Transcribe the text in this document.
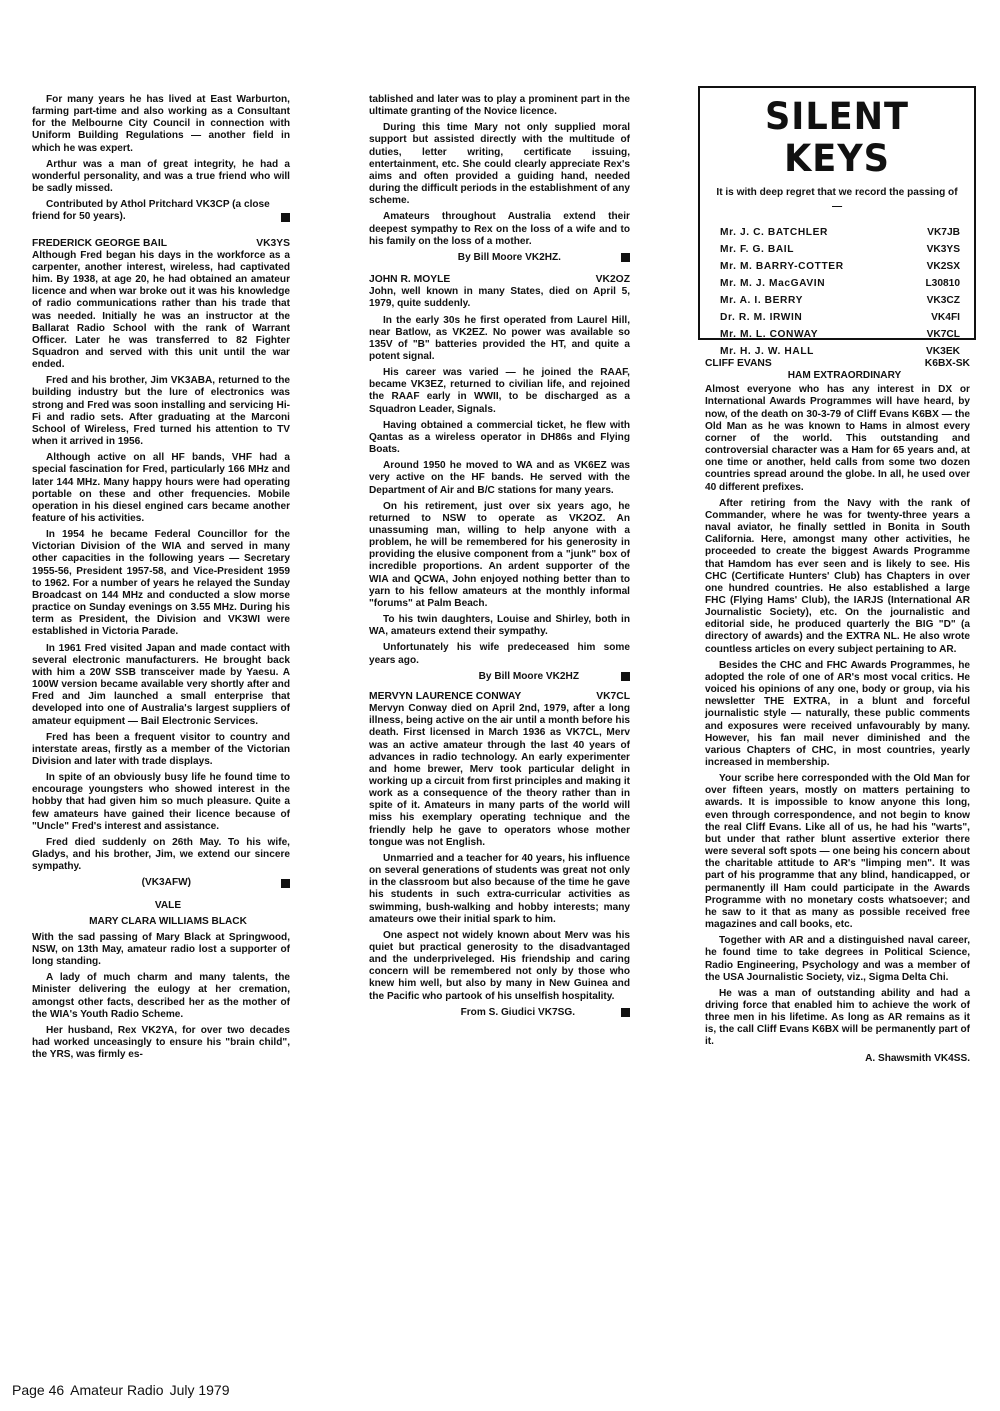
For many years he has lived at East Warburton, farming part-time and also working as a Consultant for the Melbourne City Council in connection with Uniform Building Regulations — another field in which he was expert.

Arthur was a man of great integrity, he had a wonderful personality, and was a true friend who will be sadly missed.

Contributed by Athol Pritchard VK3CP (a close friend for 50 years).

FREDERICK GEORGE BAIL	VK3YS

Although Fred began his days in the workforce as a carpenter, another interest, wireless, had captivated him. By 1938, at age 20, he had obtained an amateur licence and when war broke out it was his knowledge of radio communications rather than his trade that was needed. Initially he was an instructor at the Ballarat Radio School with the rank of Warrant Officer. Later he was transferred to 82 Fighter Squadron and served with this unit until the war ended.

Fred and his brother, Jim VK3ABA, returned to the building industry but the lure of electronics was strong and Fred was soon installing and servicing Hi-Fi and radio sets. After graduating at the Marconi School of Wireless, Fred turned his attention to TV when it arrived in 1956.

Although active on all HF bands, VHF had a special fascination for Fred, particularly 166 MHz and later 144 MHz. Many happy hours were had operating portable on these and other frequencies. Mobile operation in his diesel engined cars became another feature of his activities.

In 1954 he became Federal Councillor for the Victorian Division of the WIA and served in many other capacities in the following years — Secretary 1955-56, President 1957-58, and Vice-President 1959 to 1962. For a number of years he relayed the Sunday Broadcast on 144 MHz and conducted a slow morse practice on Sunday evenings on 3.55 MHz. During his term as President, the Division and VK3WI were established in Victoria Parade.

In 1961 Fred visited Japan and made contact with several electronic manufacturers. He brought back with him a 20W SSB transceiver made by Yaesu. A 100W version became available very shortly after and Fred and Jim launched a small enterprise that developed into one of Australia's largest suppliers of amateur equipment — Bail Electronic Services.

Fred has been a frequent visitor to country and interstate areas, firstly as a member of the Victorian Division and later with trade displays.

In spite of an obviously busy life he found time to encourage youngsters who showed interest in the hobby that had given him so much pleasure. Quite a few amateurs have gained their licence because of "Uncle" Fred's interest and assistance.

Fred died suddenly on 26th May. To his wife, Gladys, and his brother, Jim, we extend our sincere sympathy.

(VK3AFW)

VALE

MARY CLARA WILLIAMS BLACK

With the sad passing of Mary Black at Springwood, NSW, on 13th May, amateur radio lost a supporter of long standing.

A lady of much charm and many talents, the Minister delivering the eulogy at her cremation, amongst other facts, described her as the mother of the WIA's Youth Radio Scheme.

Her husband, Rex VK2YA, for over two decades had worked unceasingly to ensure his "brain child", the YRS, was firmly es-

tablished and later was to play a prominent part in the ultimate granting of the Novice licence.

During this time Mary not only supplied moral support but assisted directly with the multitude of duties, letter writing, certificate issuing, entertainment, etc. She could clearly appreciate Rex's aims and often provided a guiding hand, needed during the difficult periods in the establishment of any scheme.

Amateurs throughout Australia extend their deepest sympathy to Rex on the loss of a wife and to his family on the loss of a mother.

By Bill Moore VK2HZ.
JOHN R. MOYLE	VK2OZ

John, well known in many States, died on April 5, 1979, quite suddenly.

In the early 30s he first operated from Laurel Hill, near Batlow, as VK2EZ. No power was available so 135V of "B" batteries provided the HT, and quite a potent signal.

His career was varied — he joined the RAAF, became VK3EZ, returned to civilian life, and rejoined the RAAF early in WWII, to be discharged as a Squadron Leader, Signals.

Having obtained a commercial ticket, he flew with Qantas as a wireless operator in DH86s and Flying Boats.

Around 1950 he moved to WA and as VK6EZ was very active on the HF bands. He served with the Department of Air and B/C stations for many years.

On his retirement, just over six years ago, he returned to NSW to operate as VK2OZ. An unassuming man, willing to help anyone with a problem, he will be remembered for his generosity in providing the elusive component from a "junk" box of incredible proportions. An ardent supporter of the WIA and QCWA, John enjoyed nothing better than to yarn to his fellow amateurs at the monthly informal "forums" at Palm Beach.

To his twin daughters, Louise and Shirley, both in WA, amateurs extend their sympathy.

Unfortunately his wife predeceased him some years ago.

By Bill Moore VK2HZ
MERVYN LAURENCE CONWAY	VK7CL

Mervyn Conway died on April 2nd, 1979, after a long illness, being active on the air until a month before his death. First licensed in March 1936 as VK7CL, Merv was an active amateur through the last 40 years of advances in radio technology. An early experimenter and home brewer, Merv took particular delight in working up a circuit from first principles and making it work as a consequence of the theory rather than in spite of it. Amateurs in many parts of the world will miss his exemplary operating technique and the friendly help he gave to operators whose mother tongue was not English.

Unmarried and a teacher for 40 years, his influence on several generations of students was great not only in the classroom but also because of the time he gave his students in such extra-curricular activities as swimming, bush-walking and hobby interests; many amateurs owe their initial spark to him.

One aspect not widely known about Merv was his quiet but practical generosity to the disadvantaged and the underpriveleged. His friendship and caring concern will be remembered not only by those who knew him well, but also by many in New Guinea and the Pacific who partook of his unselfish hospitality.

From S. Giudici VK7SG.

SILENT KEYS

It is with deep regret that we record the passing of —

Mr. J. C. BATCHLER	VK7JB
Mr. F. G. BAIL	VK3YS
Mr. M. BARRY-COTTER	VK2SX
Mr. M. J. MacGAVIN	L30810
Mr. A. I. BERRY	VK3CZ
Dr. R. M. IRWIN	VK4FI
Mr. M. L. CONWAY	VK7CL
Mr. H. J. W. HALL	VK3EK
CLIFF EVANS	K6BX-SK

HAM EXTRAORDINARY

Almost everyone who has any interest in DX or International Awards Programmes will have heard, by now, of the death on 30-3-79 of Cliff Evans K6BX — the Old Man as he was known to Hams in almost every corner of the world. This outstanding and controversial character was a Ham for 65 years and, at one time or another, held calls from some two dozen countries spread around the globe. In all, he used over 40 different prefixes.

After retiring from the Navy with the rank of Commander, where he was for twenty-three years a naval aviator, he finally settled in Bonita in South California. Here, amongst many other activities, he proceeded to create the biggest Awards Programme that Hamdom has ever seen and is likely to see. His CHC (Certificate Hunters' Club) has Chapters in over one hundred countries. He also established a large FHC (Flying Hams' Club), the IARJS (International AR Journalistic Society), etc. On the journalistic and editorial side, he produced quarterly the BIG "D" (a directory of awards) and the EXTRA NL. He also wrote countless articles on every subject pertaining to AR.

Besides the CHC and FHC Awards Programmes, he adopted the role of one of AR's most vocal critics. He voiced his opinions of any one, body or group, via his newsletter THE EXTRA, in a blunt and forceful journalistic style — naturally, these public comments and exposures were received unfavourably by many. However, his fan mail never diminished and the various Chapters of CHC, in most countries, yearly increased in membership.

Your scribe here corresponded with the Old Man for over fifteen years, mostly on matters pertaining to awards. It is impossible to know anyone this long, even through correspondence, and not begin to know the real Cliff Evans. Like all of us, he had his "warts", but under that rather blunt assertive exterior there were several soft spots — one being his concern about the charitable attitude to AR's "limping men". It was part of his programme that any blind, handicapped, or permanently ill Ham could participate in the Awards Programme with no monetary costs whatsoever; and he saw to it that as many as possible received free magazines and call books, etc.

Together with AR and a distinguished naval career, he found time to take degrees in Political Science, Radio Engineering, Psychology and was a member of the USA Journalistic Society, viz., Sigma Delta Chi.

He was a man of outstanding ability and had a driving force that enabled him to achieve the work of three men in his lifetime. As long as AR remains as it is, the call Cliff Evans K6BX will be permanently part of it.

A. Shawsmith VK4SS.

Page 46 Amateur Radio July 1979
